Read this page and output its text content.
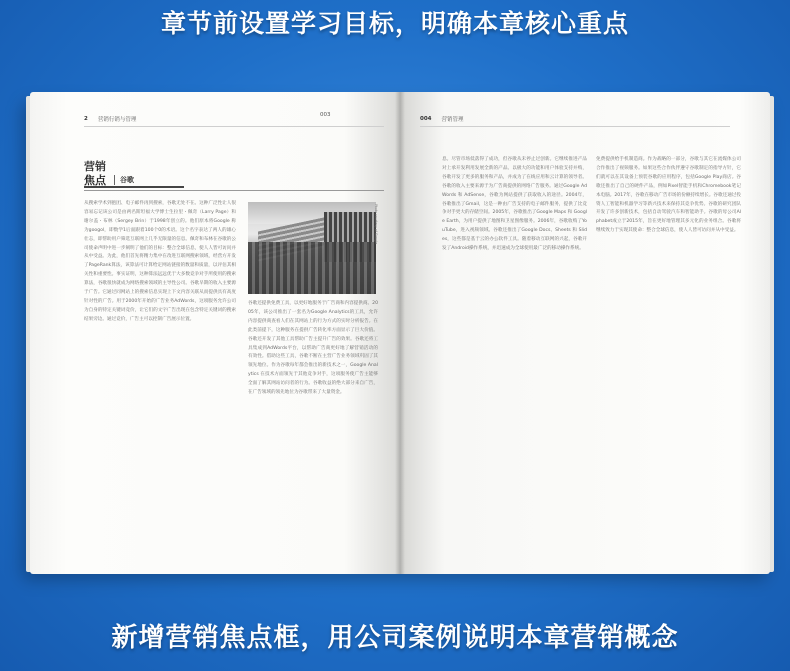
章节前设置学习目标，明确本章核心重点
2 营销行销与管理
003
营销
焦点	谷歌
从搜索学术到抱团、电子邮件再到搜索，谷歌无处不在。这种广泛性让人很容易忘记该公司是由两名斯坦福大学博士生拉里・佩奇（Larry Page）和谢尔盖・布林（Sergey Brin）于1998年创立的。他们原本将Google 称为googol，即数学1后面跟着100个0的术语。这个名字表达了两人的雄心壮志，即帮助用户筛选互联网上几乎无限量的信息。佩奇和布林在谷歌的公司使命声明中进一步阐明了他们的目标：整合全球信息，使人人皆可访问并从中受益。为此，他们首先将精力集中在改进互联网搜索领域，经营方开发了PageRank算法，该算法可计算给定网站链接的数量和质量，以评估其相关性和重要性。事实证明，这种算法远远优于大多数竞争对手所使用的搜索算法，谷歌很快就成为网络搜索领域的主导性公司。谷歌早期的收入主要源于广告。它通过同网站上的搜索信息实现上下文内容关联从而提供具有高度针对性的广告。用于2000年开始的广告业务AdWords，这项服务允许公司为自身的特定关键词竞价，让它们的文字广告出现在包含特定关键词的搜索结果旁边。通过竞价，广告主可以控制广告展示位置。
Photo courtesy of Google
谷歌还提供免费工具，以更好地服务于广告商和内容提供商。2005年，该公司推出了一套名为Google Analytics的工具，允许内容提供商查看人们在其网站上的行为方式的实时分析报告。在此类前提下，这种服务在提供广告转化率方面显示了巨大价值。谷歌还开发了其他工具帮助广告主提升广告的效果。谷歌还将工具集成到AdWords平台，以帮助广告商更好地了解营销活动的有效性。借助这些工具，谷歌不断在主营广告业务领域巩固了其领先地位。作为谷歌每年都会推出的新技术之一，Google Analytics 在技术方面领先于其他竞争对手，这项服务使广告主能够全面了解其网站访问者的行为。谷歌收益的绝大部分来自广告，在广告领域的领先地位为谷歌带来了大量资金。
004 营销管理
息。尽管市场低落得了成功，但谷歌从未停止过创新。它继续推进产品对上承开发利用发展全新的产品。以极大的功能和用户体验支持并购，谷歌开发了更多的服务和产品，并成为了在线应用和云计算的领导者。谷歌的收入主要来源于为广告商提供的网络广告服务。通过Google AdWords 和 AdSense，谷歌为网站提供了获取收入的途径。2004年，谷歌推出了Gmail，这是一种由广告支持的电子邮件服务，提供了比竞争对手更大的存储空间。2005年，谷歌推出了Google Maps 和 Google Earth，为用户提供了地图和卫星图像服务。2006年，谷歌收购了YouTube，进入视频领域。谷歌还推出了Google Docs、Sheets 和 Slides，这些都是基于云的办公软件工具。随着移动互联网的兴起，谷歌开发了Android操作系统，并迅速成为全球使用最广泛的移动操作系统。
免费提供给手机制造商。作为战略的一部分，谷歌与其它在流媒体公司合作推出了视频服务。如果这些合作伙伴遵守谷歌制定的指导方针，它们就可以在其设备上预装谷歌的应用程序，包括Google Play商店。谷歌还推出了自己的硬件产品，例如Pixel智能手机和Chromebook笔记本电脑。2017年，谷歌在移动广告市场的份额持续增长。谷歌还通过投资人工智能和机器学习等新兴技术来保持其竞争优势。谷歌的研究团队开发了许多创新技术，包括自动驾驶汽车和智能助手。谷歌的母公司Alphabet成立于2015年，旨在更好地管理其多元化的业务组合。谷歌将继续致力于实现其使命：整合全球信息，使人人皆可访问并从中受益。
新增营销焦点框，用公司案例说明本章营销概念
